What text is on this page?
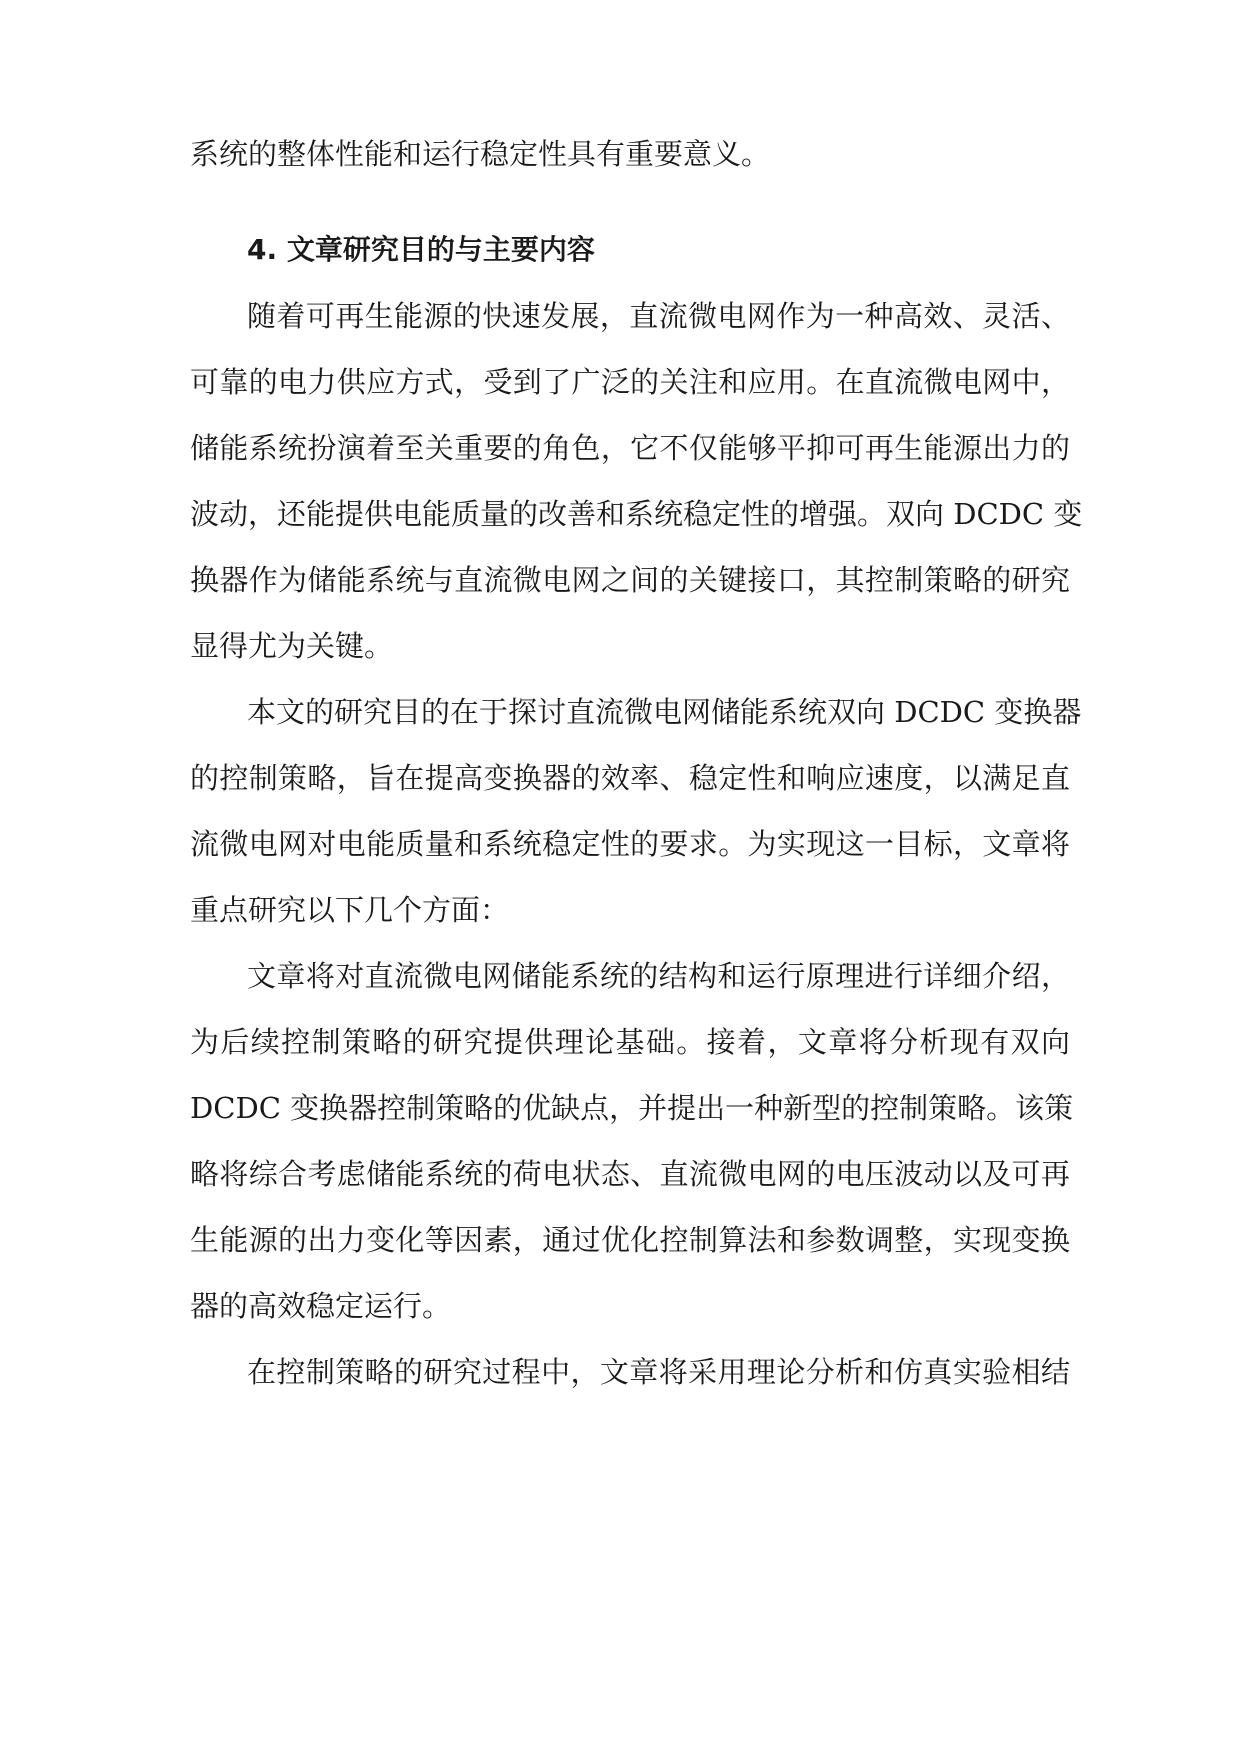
系统的整体性能和运行稳定性具有重要意义。
4. 文章研究目的与主要内容
随着可再生能源的快速发展，直流微电网作为一种高效、灵活、
可靠的电力供应方式，受到了广泛的关注和应用。在直流微电网中，
储能系统扮演着至关重要的角色，它不仅能够平抑可再生能源出力的
波动，还能提供电能质量的改善和系统稳定性的增强。双向 DCDC 变
换器作为储能系统与直流微电网之间的关键接口，其控制策略的研究
显得尤为关键。
本文的研究目的在于探讨直流微电网储能系统双向 DCDC 变换器
的控制策略，旨在提高变换器的效率、稳定性和响应速度，以满足直
流微电网对电能质量和系统稳定性的要求。为实现这一目标，文章将
重点研究以下几个方面：
文章将对直流微电网储能系统的结构和运行原理进行详细介绍，
为后续控制策略的研究提供理论基础。接着，文章将分析现有双向
DCDC 变换器控制策略的优缺点，并提出一种新型的控制策略。该策
略将综合考虑储能系统的荷电状态、直流微电网的电压波动以及可再
生能源的出力变化等因素，通过优化控制算法和参数调整，实现变换
器的高效稳定运行。
在控制策略的研究过程中，文章将采用理论分析和仿真实验相结
